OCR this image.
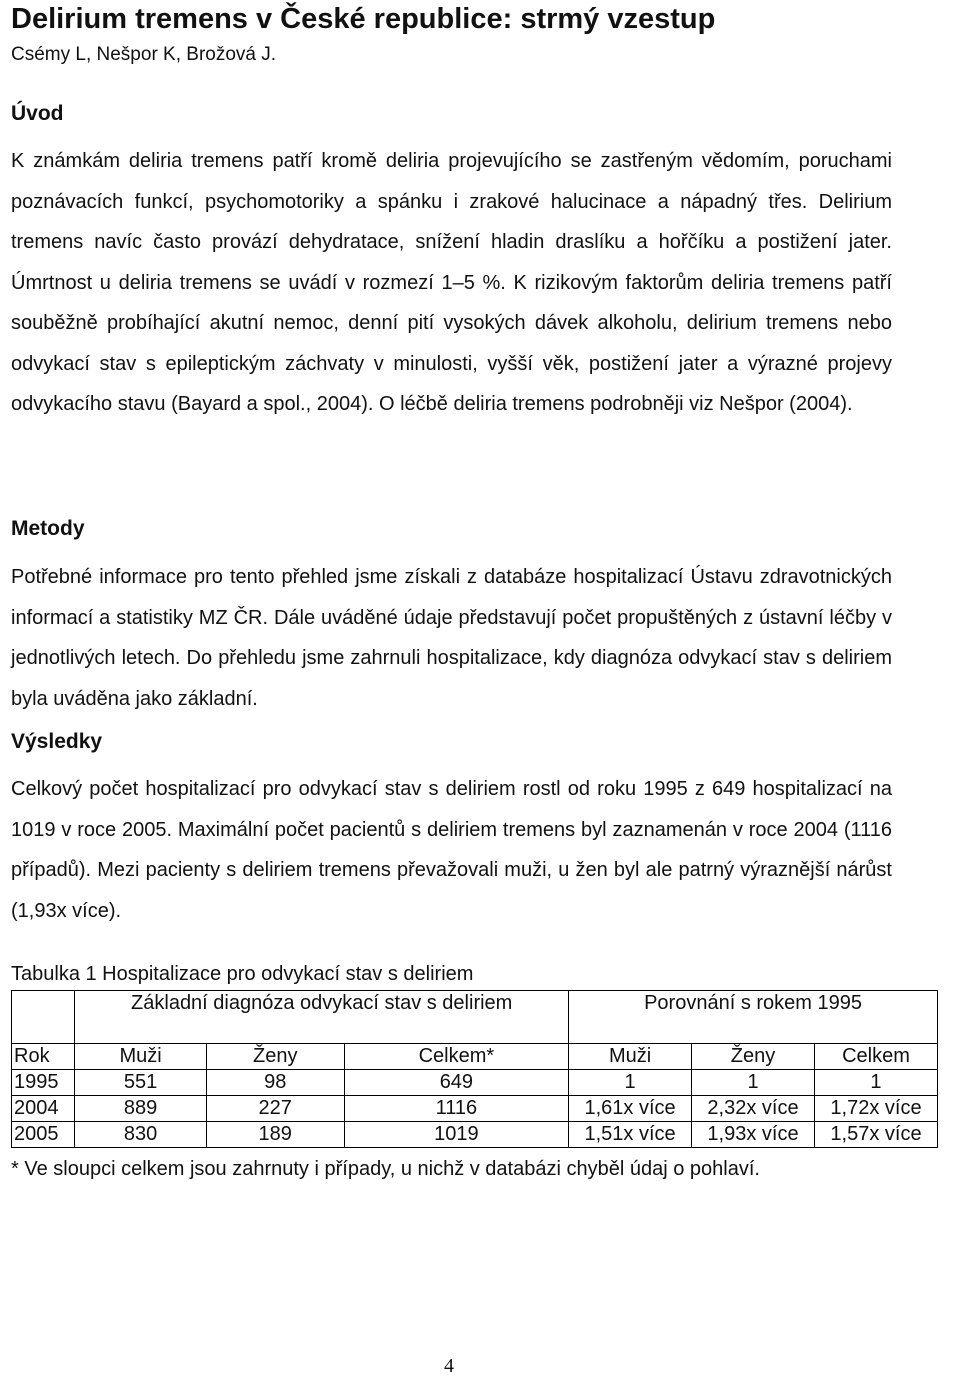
Delirium tremens v České republice: strmý vzestup
Csémy L, Nešpor K, Brožová J.
Úvod
K známkám deliria tremens patří kromě deliria projevujícího se zastřeným vědomím, poruchami poznávacích funkcí, psychomotoriky a spánku i zrakové halucinace a nápadný třes. Delirium tremens navíc často provází dehydratace, snížení hladin draslíku a hořčíku a postižení jater. Úmrtnost u deliria tremens se uvádí v rozmezí 1–5 %. K rizikovým faktorům deliria tremens patří souběžně probíhající akutní nemoc, denní pití vysokých dávek alkoholu, delirium tremens nebo odvykací stav s epileptickým záchvaty v minulosti, vyšší věk, postižení jater a výrazné projevy odvykacího stavu (Bayard a spol., 2004). O léčbě deliria tremens podrobněji viz Nešpor (2004).
Metody
Potřebné informace pro tento přehled jsme získali z databáze hospitalizací Ústavu zdravotnických informací a statistiky MZ ČR. Dále uváděné údaje představují počet propuštěných z ústavní léčby v jednotlivých letech. Do přehledu jsme zahrnuli hospitalizace, kdy diagnóza odvykací stav s deliriem byla uváděna jako základní.
Výsledky
Celkový počet hospitalizací pro odvykací stav s deliriem rostl od roku 1995 z 649 hospitalizací na 1019 v roce 2005. Maximální počet pacientů s deliriem tremens byl zaznamenán v roce 2004 (1116 případů). Mezi pacienty s deliriem tremens převažovali muži, u žen byl ale patrný výraznější nárůst (1,93x více).
Tabulka 1 Hospitalizace pro odvykací stav s deliriem
	Základní diagnóza odvykací stav s deliriem			Porovnání s rokem 1995		
Rok	Muži	Ženy	Celkem*	Muži	Ženy	Celkem
1995	551	98	649	1	1	1
2004	889	227	1116	1,61x více	2,32x více	1,72x více
2005	830	189	1019	1,51x více	1,93x více	1,57x více
* Ve sloupci celkem jsou zahrnuty i případy, u nichž v databázi chyběl údaj o pohlaví.
4
